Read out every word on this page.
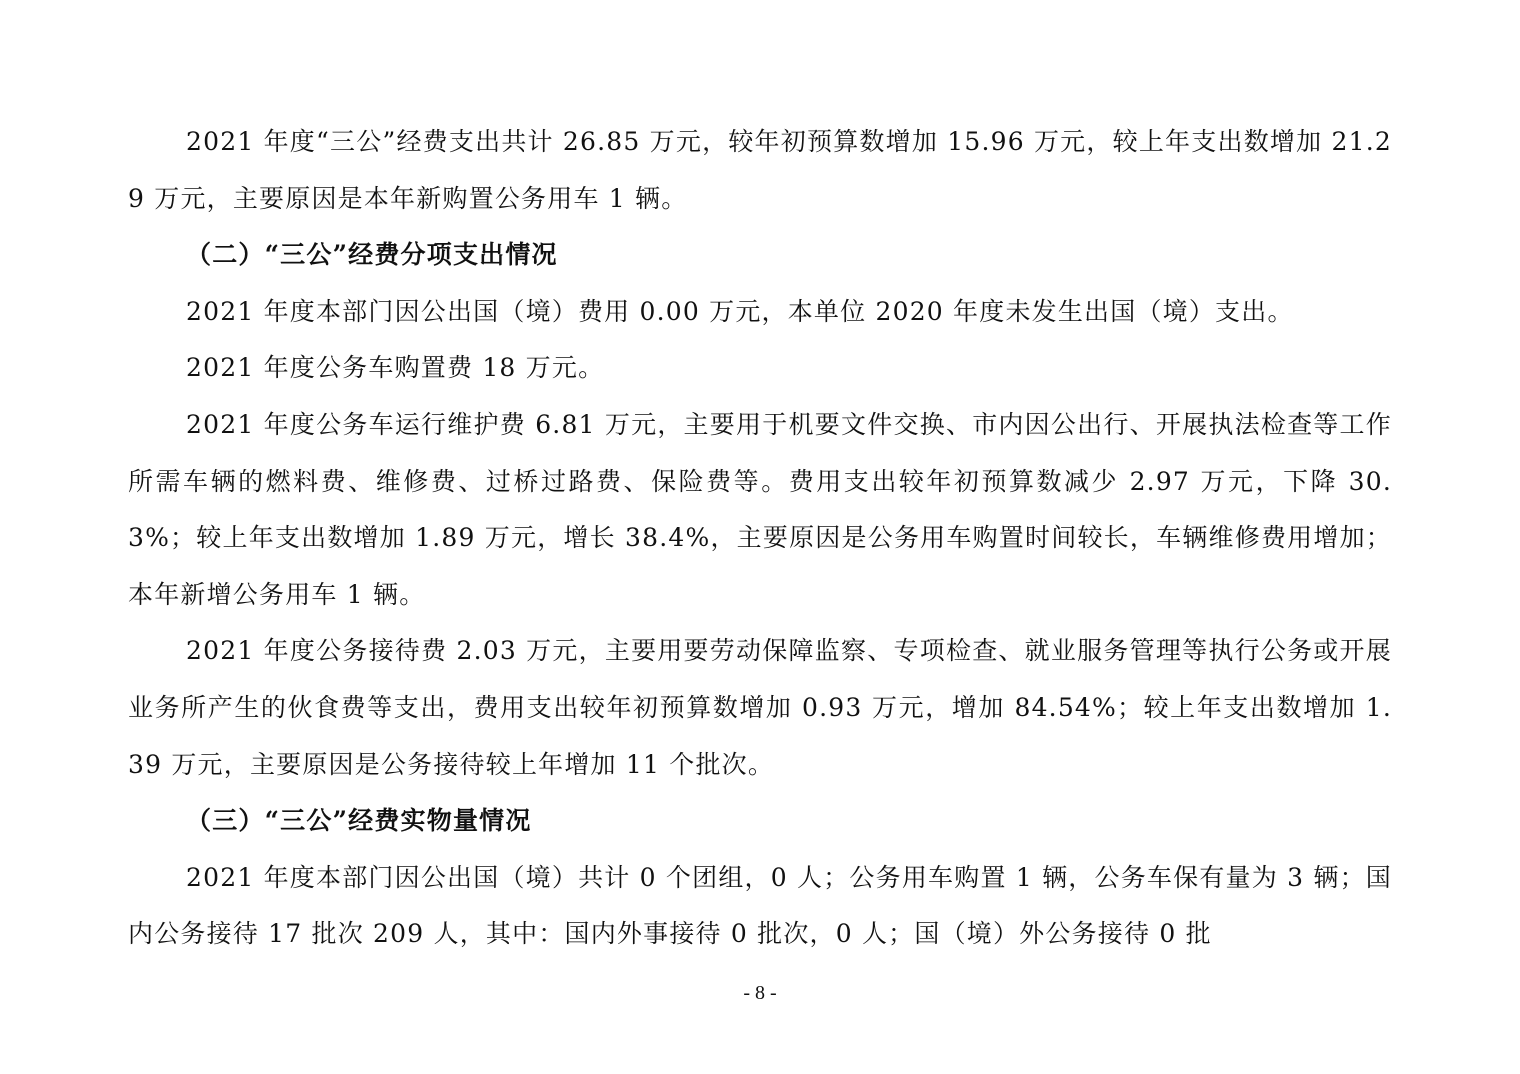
2021 年度“三公”经费支出共计 26.85 万元，较年初预算数增加 15.96 万元，较上年支出数增加 21.29 万元，主要原因是本年新购置公务用车 1 辆。

（二）“三公”经费分项支出情况

2021 年度本部门因公出国（境）费用 0.00 万元，本单位 2020 年度未发生出国（境）支出。

2021 年度公务车购置费 18 万元。

2021 年度公务车运行维护费 6.81 万元，主要用于机要文件交换、市内因公出行、开展执法检查等工作所需车辆的燃料费、维修费、过桥过路费、保险费等。费用支出较年初预算数减少 2.97 万元，下降 30.3%；较上年支出数增加 1.89 万元，增长 38.4%，主要原因是公务用车购置时间较长，车辆维修费用增加；本年新增公务用车 1 辆。

2021 年度公务接待费 2.03 万元，主要用要劳动保障监察、专项检查、就业服务管理等执行公务或开展业务所产生的伙食费等支出，费用支出较年初预算数增加 0.93 万元，增加 84.54%；较上年支出数增加 1.39 万元，主要原因是公务接待较上年增加 11 个批次。

（三）“三公”经费实物量情况

2021 年度本部门因公出国（境）共计 0 个团组，0 人；公务用车购置 1 辆，公务车保有量为 3 辆；国内公务接待 17 批次 209 人，其中：国内外事接待 0 批次，0 人；国（境）外公务接待 0 批

- 8 -
